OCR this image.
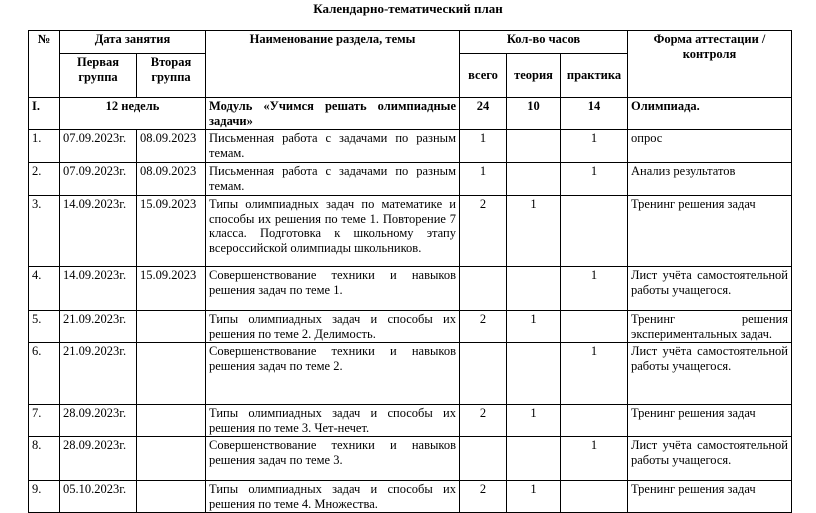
Календарно-тематический план
№	Дата занятия		Наименование раздела, темы	Кол-во часов			Форма аттестации / контроля
	Первая группа	Вторая группа		всего	теория	практика	
I.	12 недель		Модуль «Учимся решать олимпиадные задачи»	24	10	14	Олимпиада.
1.	07.09.2023г.	08.09.2023	Письменная работа с задачами по разным темам.	1		1	опрос
2.	07.09.2023г.	08.09.2023	Письменная работа с задачами по разным темам.	1		1	Анализ результатов
3.	14.09.2023г.	15.09.2023	Типы олимпиадных задач по математике и способы их решения по теме 1. Повторение 7 класса. Подготовка к школьному этапу всероссийской олимпиады школьников.	2	1		Тренинг решения задач
4.	14.09.2023г.	15.09.2023	Совершенствование техники и навыков решения задач по теме 1.			1	Лист учёта самостоятельной работы учащегося.
5.	21.09.2023г.		Типы олимпиадных задач и способы их решения по теме 2. Делимость.	2	1		Тренинг решения экспериментальных задач.
6.	21.09.2023г.		Совершенствование техники и навыков решения задач по теме 2.			1	Лист учёта самостоятельной работы учащегося.
7.	28.09.2023г.		Типы олимпиадных задач и способы их решения по теме 3. Чет-нечет.	2	1		Тренинг решения задач
8.	28.09.2023г.		Совершенствование техники и навыков решения задач по теме 3.			1	Лист учёта самостоятельной работы учащегося.
9.	05.10.2023г.		Типы олимпиадных задач и способы их решения по теме 4. Множества.	2	1		Тренинг решения задач
